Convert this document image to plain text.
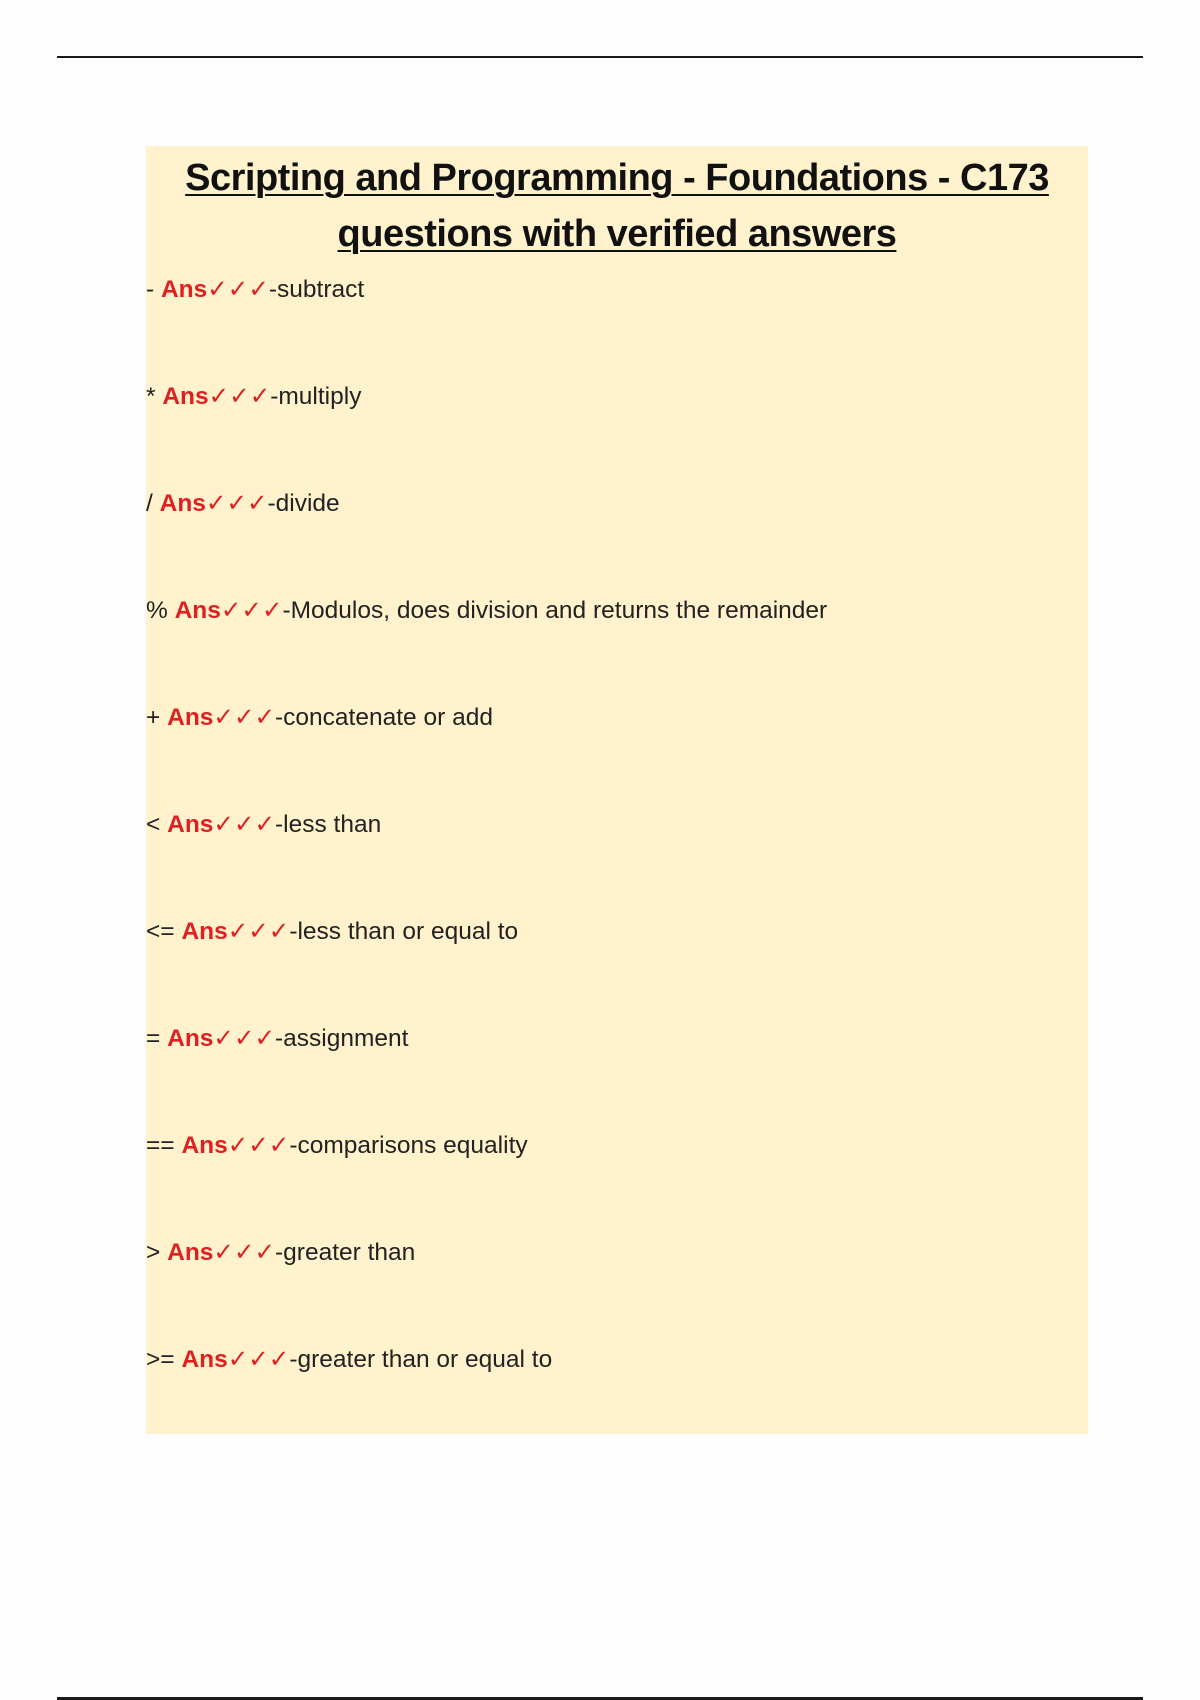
Scripting and Programming - Foundations - C173
questions with verified answers
- Ans✓✓✓-subtract
* Ans✓✓✓-multiply
/ Ans✓✓✓-divide
% Ans✓✓✓-Modulos, does division and returns the remainder
+ Ans✓✓✓-concatenate or add
< Ans✓✓✓-less than
<= Ans✓✓✓-less than or equal to
= Ans✓✓✓-assignment
== Ans✓✓✓-comparisons equality
> Ans✓✓✓-greater than
>= Ans✓✓✓-greater than or equal to
